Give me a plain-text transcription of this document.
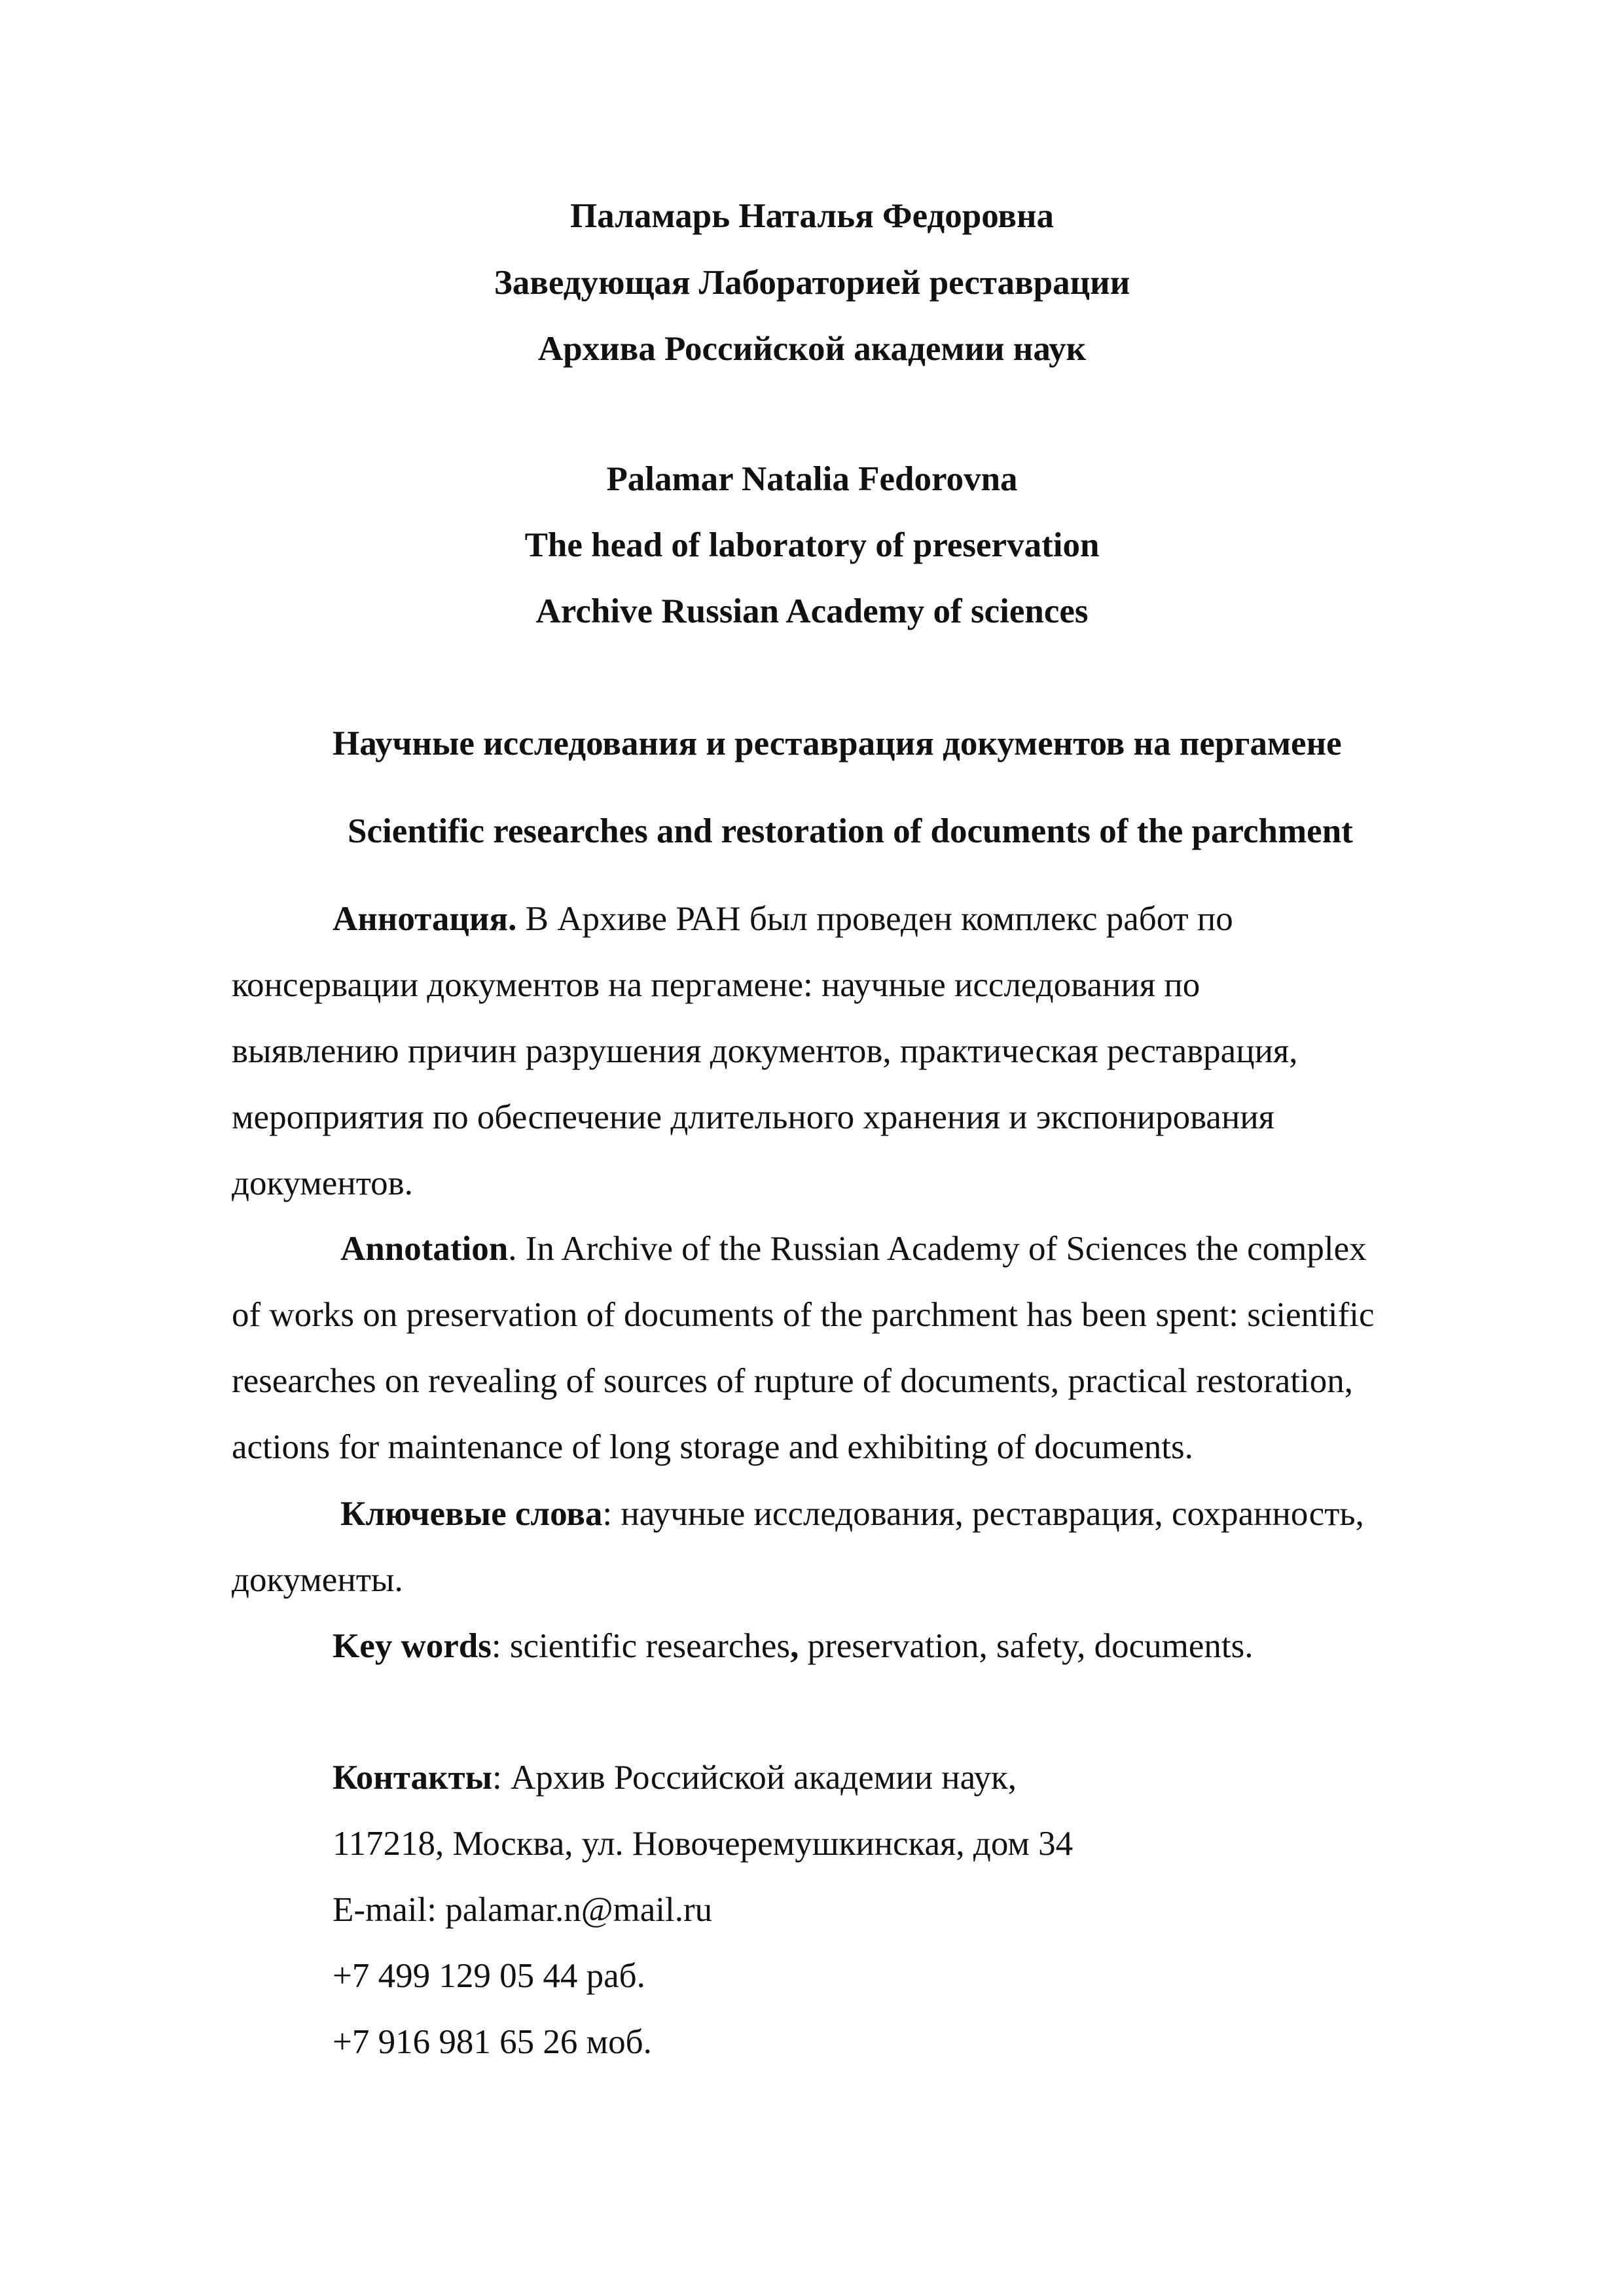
Паламарь Наталья Федоровна
Заведующая Лабораторией реставрации
Архива Российской академии наук
Palamar Natalia Fedorovna
The head of laboratory of preservation
Archive Russian Academy of sciences
Научные исследования и реставрация документов на пергамене
Scientific researches and restoration of documents of the parchment
Аннотация. В Архиве РАН был проведен комплекс работ по
консервации документов на пергамене: научные исследования по
выявлению причин разрушения документов, практическая реставрация,
мероприятия по обеспечение длительного хранения и экспонирования
документов.
Annotation. In Archive of the Russian Academy of Sciences the complex
of works on preservation of documents of the parchment has been spent: scientific
researches on revealing of sources of rupture of documents, practical restoration,
actions for maintenance of long storage and exhibiting of documents.
Ключевые слова: научные исследования, реставрация, сохранность,
документы.
Key words: scientific researches, preservation, safety, documents.
Контакты: Архив Российской академии наук,
117218, Москва, ул. Новочеремушкинская, дом 34
E-mail: palamar.n@mail.ru
+7 499 129 05 44 раб.
+7 916 981 65 26 моб.
